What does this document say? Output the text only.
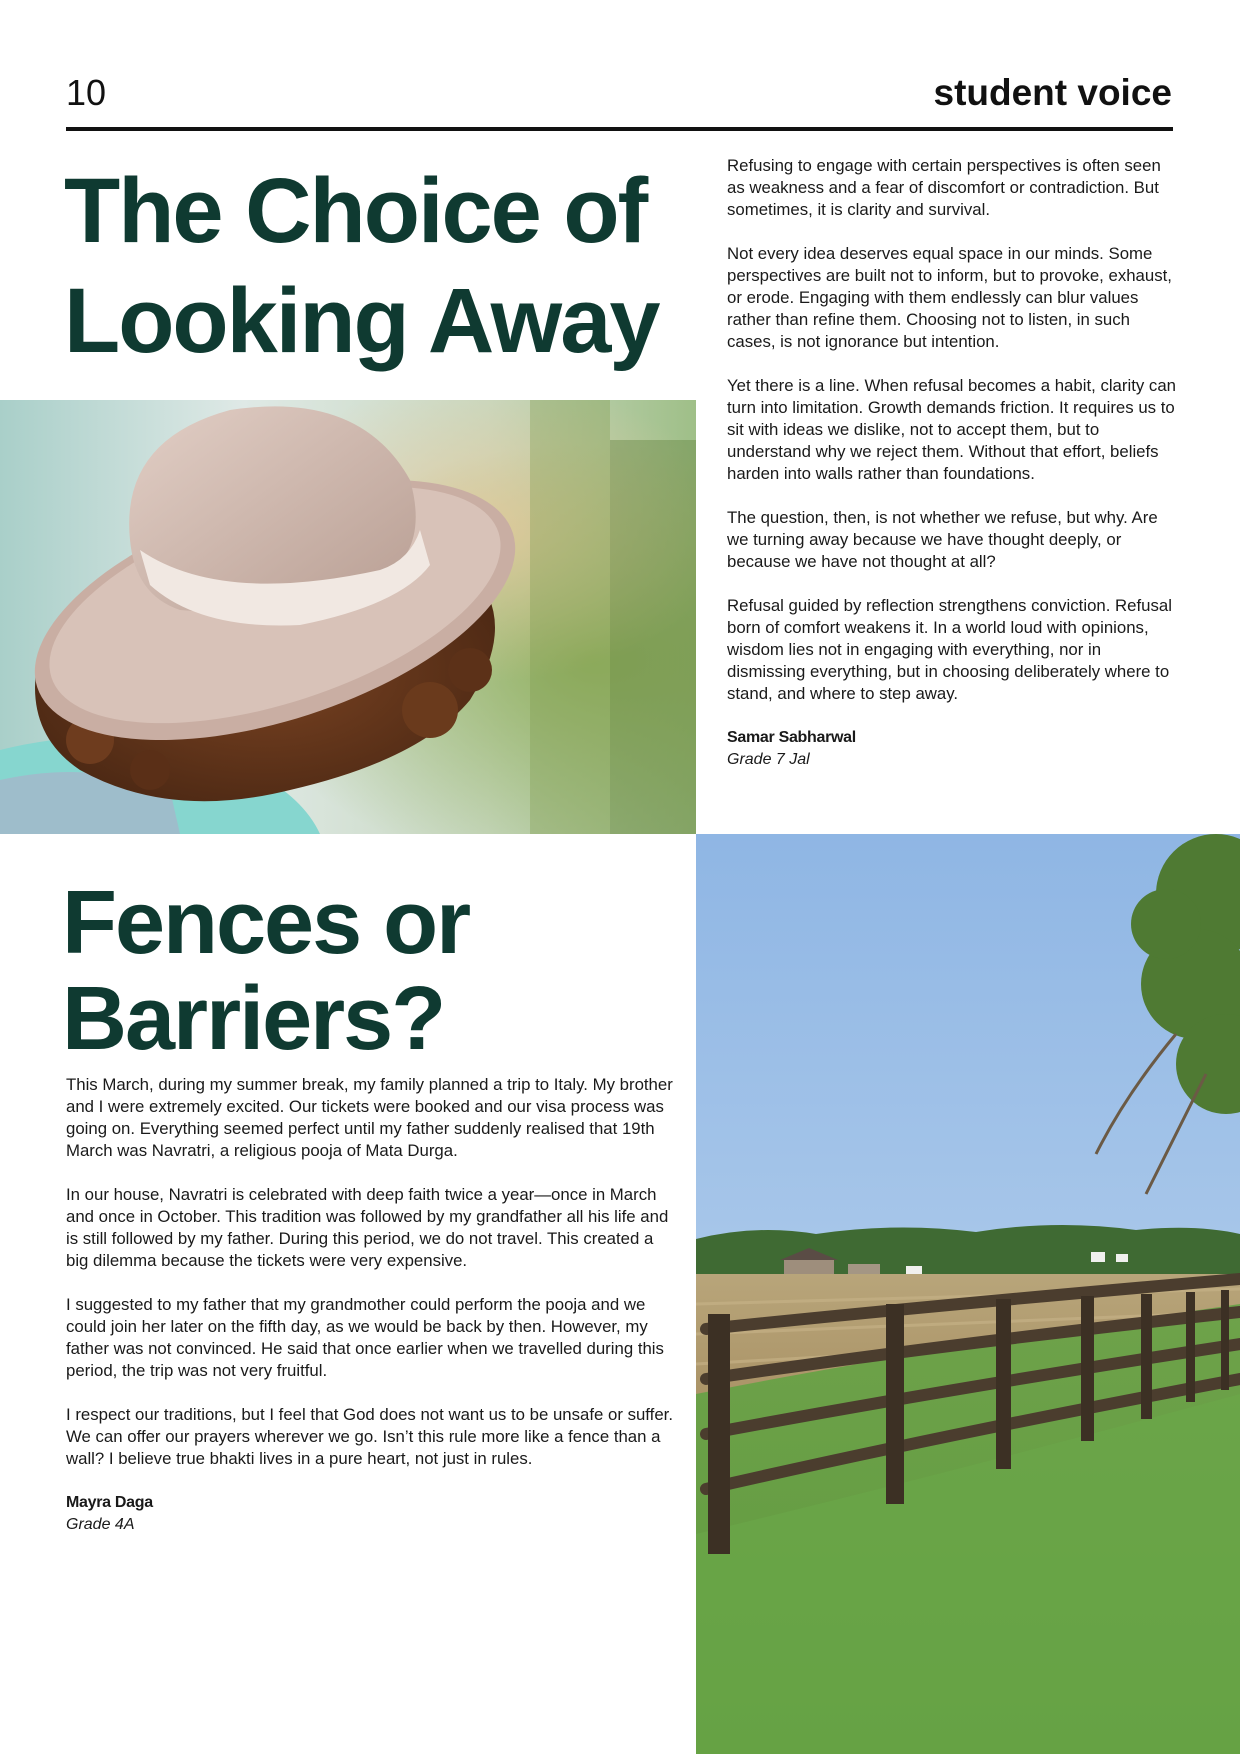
10	student voice
The Choice of
Looking Away

Refusing to engage with certain perspectives is often seen as weakness and a fear of discomfort or contradiction. But sometimes, it is clarity and survival.

Not every idea deserves equal space in our minds. Some perspectives are built not to inform, but to provoke, exhaust, or erode. Engaging with them endlessly can blur values rather than refine them. Choosing not to listen, in such cases, is not ignorance but intention.

Yet there is a line. When refusal becomes a habit, clarity can turn into limitation. Growth demands friction. It requires us to sit with ideas we dislike, not to accept them, but to understand why we reject them. Without that effort, beliefs harden into walls rather than foundations.

The question, then, is not whether we refuse, but why. Are we turning away because we have thought deeply, or because we have not thought at all?

Refusal guided by reflection strengthens conviction. Refusal born of comfort weakens it. In a world loud with opinions, wisdom lies not in engaging with everything, nor in dismissing everything, but in choosing deliberately where to stand, and where to step away.

Samar Sabharwal
Grade 7 Jal
Fences or
Barriers?

This March, during my summer break, my family planned a trip to Italy. My brother and I were extremely excited. Our tickets were booked and our visa process was going on. Everything seemed perfect until my father suddenly realised that 19th March was Navratri, a religious pooja of Mata Durga.

In our house, Navratri is celebrated with deep faith twice a year—once in March and once in October. This tradition was followed by my grandfather all his life and is still followed by my father. During this period, we do not travel. This created a big dilemma because the tickets were very expensive.

I suggested to my father that my grandmother could perform the pooja and we could join her later on the fifth day, as we would be back by then. However, my father was not convinced. He said that once earlier when we travelled during this period, the trip was not very fruitful.

I respect our traditions, but I feel that God does not want us to be unsafe or suffer. We can offer our prayers wherever we go. Isn’t this rule more like a fence than a wall? I believe true bhakti lives in a pure heart, not just in rules.

Mayra Daga
Grade 4A
